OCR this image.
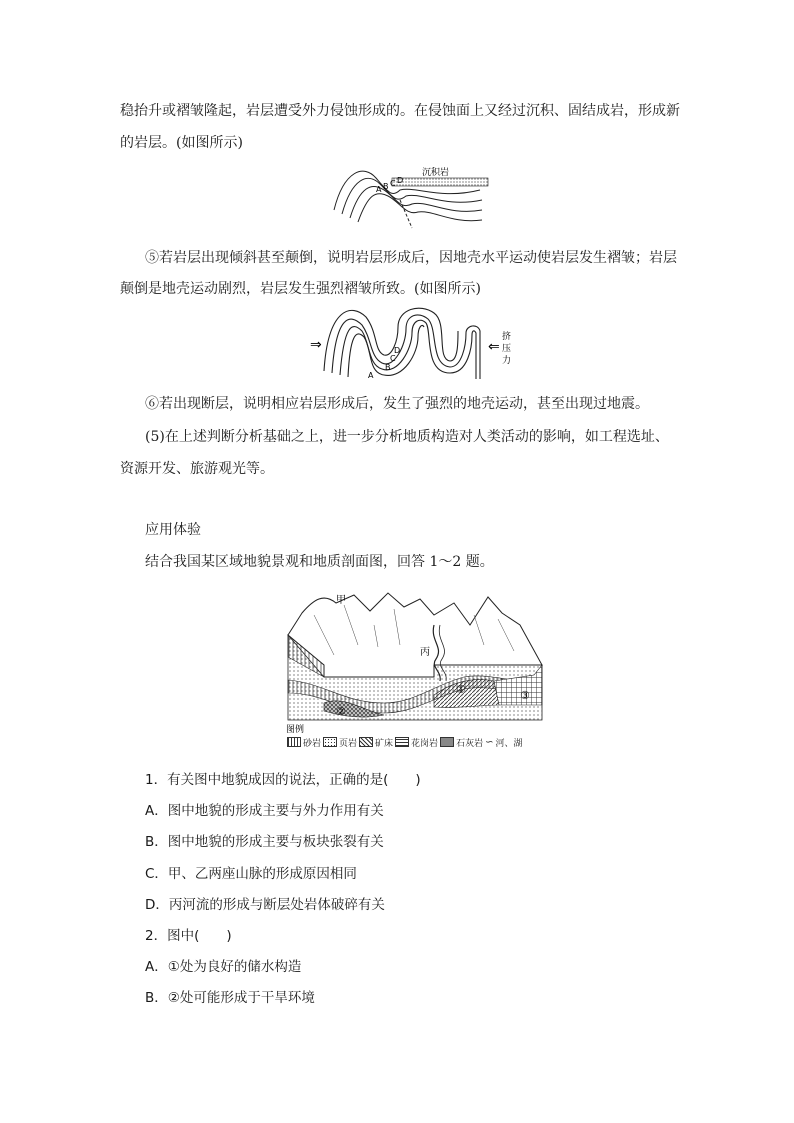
稳抬升或褶皱隆起，岩层遭受外力侵蚀形成的。在侵蚀面上又经过沉积、固结成岩，形成新
的岩层。(如图所示)
沉积岩
A B C D
⑤若岩层出现倾斜甚至颠倒，说明岩层形成后，因地壳水平运动使岩层发生褶皱；岩层
颠倒是地壳运动剧烈，岩层发生强烈褶皱所致。(如图所示)
⇒	⇐
挤
压
力
A
B
C
D
⑥若出现断层，说明相应岩层形成后，发生了强烈的地壳运动，甚至出现过地震。
(5)在上述判断分析基础之上，进一步分析地质构造对人类活动的影响，如工程选址、
资源开发、旅游观光等。
应用体验
结合我国某区域地貌景观和地质剖面图，回答 1～2 题。
甲
丙
①
②
③
图例
砂岩 页岩 矿床 花岗岩 石灰岩 ∽ 河、湖
1．有关图中地貌成因的说法，正确的是(　　)
A．图中地貌的形成主要与外力作用有关
B．图中地貌的形成主要与板块张裂有关
C．甲、乙两座山脉的形成原因相同
D．丙河流的形成与断层处岩体破碎有关
2．图中(　　)
A．①处为良好的储水构造
B．②处可能形成于干旱环境
